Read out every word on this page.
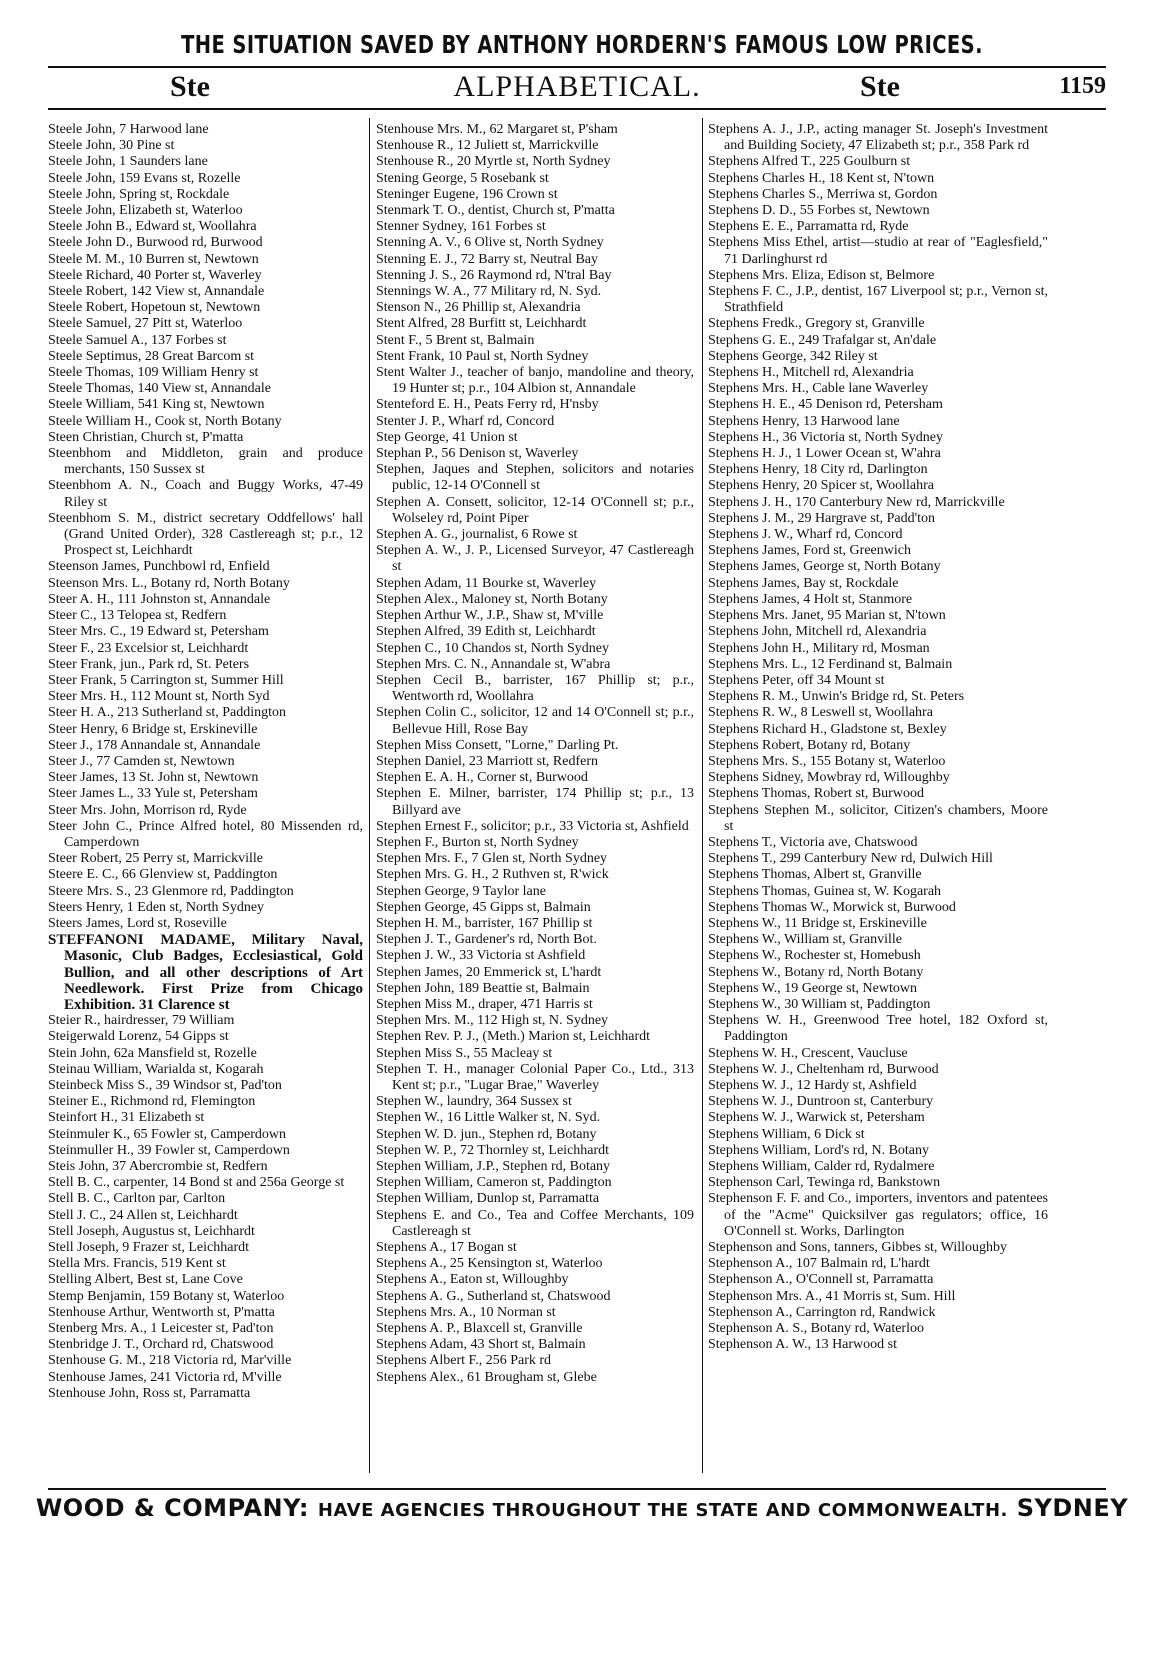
THE SITUATION SAVED BY ANTHONY HORDERN'S FAMOUS LOW PRICES.
Ste	ALPHABETICAL.	Ste	1159
Steele John, 7 Harwood lane
Steele John, 30 Pine st
Steele John, 1 Saunders lane
Steele John, 159 Evans st, Rozelle
Steele John, Spring st, Rockdale
Steele John, Elizabeth st, Waterloo
Steele John B., Edward st, Woollahra
Steele John D., Burwood rd, Burwood
Steele M. M., 10 Burren st, Newtown
Steele Richard, 40 Porter st, Waverley
Steele Robert, 142 View st, Annandale
Steele Robert, Hopetoun st, Newtown
Steele Samuel, 27 Pitt st, Waterloo
Steele Samuel A., 137 Forbes st
Steele Septimus, 28 Great Barcom st
Steele Thomas, 109 William Henry st
Steele Thomas, 140 View st, Annandale
Steele William, 541 King st, Newtown
Steele William H., Cook st, North Botany
Steen Christian, Church st, P'matta
Steenbhom and Middleton, grain and produce merchants, 150 Sussex st
Steenbhom A. N., Coach and Buggy Works, 47-49 Riley st
Steenbhom S. M., district secretary Oddfellows' hall (Grand United Order), 328 Castlereagh st; p.r., 12 Prospect st, Leichhardt
Steenson James, Punchbowl rd, Enfield
Steenson Mrs. L., Botany rd, North Botany
Steer A. H., 111 Johnston st, Annandale
Steer C., 13 Telopea st, Redfern
Steer Mrs. C., 19 Edward st, Petersham
Steer F., 23 Excelsior st, Leichhardt
Steer Frank, jun., Park rd, St. Peters
Steer Frank, 5 Carrington st, Summer Hill
Steer Mrs. H., 112 Mount st, North Syd
Steer H. A., 213 Sutherland st, Paddington
Steer Henry, 6 Bridge st, Erskineville
Steer J., 178 Annandale st, Annandale
Steer J., 77 Camden st, Newtown
Steer James, 13 St. John st, Newtown
Steer James L., 33 Yule st, Petersham
Steer Mrs. John, Morrison rd, Ryde
Steer John C., Prince Alfred hotel, 80 Missenden rd, Camperdown
Steer Robert, 25 Perry st, Marrickville
Steere E. C., 66 Glenview st, Paddington
Steere Mrs. S., 23 Glenmore rd, Paddington
Steers Henry, 1 Eden st, North Sydney
Steers James, Lord st, Roseville
STEFFANONI MADAME, Military Naval, Masonic, Club Badges, Ecclesiastical, Gold Bullion, and all other descriptions of Art Needlework. First Prize from Chicago Exhibition. 31 Clarence st
Steier R., hairdresser, 79 William
Steigerwald Lorenz, 54 Gipps st
Stein John, 62a Mansfield st, Rozelle
Steinau William, Warialda st, Kogarah
Steinbeck Miss S., 39 Windsor st, Pad'ton
Steiner E., Richmond rd, Flemington
Steinfort H., 31 Elizabeth st
Steinmuler K., 65 Fowler st, Camperdown
Steinmuller H., 39 Fowler st, Camperdown
Steis John, 37 Abercrombie st, Redfern
Stell B. C., carpenter, 14 Bond st and 256a George st
Stell B. C., Carlton par, Carlton
Stell J. C., 24 Allen st, Leichhardt
Stell Joseph, Augustus st, Leichhardt
Stell Joseph, 9 Frazer st, Leichhardt
Stella Mrs. Francis, 519 Kent st
Stelling Albert, Best st, Lane Cove
Stemp Benjamin, 159 Botany st, Waterloo
Stenhouse Arthur, Wentworth st, P'matta
Stenberg Mrs. A., 1 Leicester st, Pad'ton
Stenbridge J. T., Orchard rd, Chatswood
Stenhouse G. M., 218 Victoria rd, Mar'ville
Stenhouse James, 241 Victoria rd, M'ville
Stenhouse John, Ross st, Parramatta
Stenhouse Mrs. M., 62 Margaret st, P'sham
Stenhouse R., 12 Juliett st, Marrickville
Stenhouse R., 20 Myrtle st, North Sydney
Stening George, 5 Rosebank st
Steninger Eugene, 196 Crown st
Stenmark T. O., dentist, Church st, P'matta
Stenner Sydney, 161 Forbes st
Stenning A. V., 6 Olive st, North Sydney
Stenning E. J., 72 Barry st, Neutral Bay
Stenning J. S., 26 Raymond rd, N'tral Bay
Stennings W. A., 77 Military rd, N. Syd.
Stenson N., 26 Phillip st, Alexandria
Stent Alfred, 28 Burfitt st, Leichhardt
Stent F., 5 Brent st, Balmain
Stent Frank, 10 Paul st, North Sydney
Stent Walter J., teacher of banjo, mandoline and theory, 19 Hunter st; p.r., 104 Albion st, Annandale
Stenteford E. H., Peats Ferry rd, H'nsby
Stenter J. P., Wharf rd, Concord
Step George, 41 Union st
Stephan P., 56 Denison st, Waverley
Stephen, Jaques and Stephen, solicitors and notaries public, 12-14 O'Connell st
Stephen A. Consett, solicitor, 12-14 O'Connell st; p.r., Wolseley rd, Point Piper
Stephen A. G., journalist, 6 Rowe st
Stephen A. W., J. P., Licensed Surveyor, 47 Castlereagh st
Stephen Adam, 11 Bourke st, Waverley
Stephen Alex., Maloney st, North Botany
Stephen Arthur W., J.P., Shaw st, M'ville
Stephen Alfred, 39 Edith st, Leichhardt
Stephen C., 10 Chandos st, North Sydney
Stephen Mrs. C. N., Annandale st, W'abra
Stephen Cecil B., barrister, 167 Phillip st; p.r., Wentworth rd, Woollahra
Stephen Colin C., solicitor, 12 and 14 O'Connell st; p.r., Bellevue Hill, Rose Bay
Stephen Miss Consett, "Lorne," Darling Pt.
Stephen Daniel, 23 Marriott st, Redfern
Stephen E. A. H., Corner st, Burwood
Stephen E. Milner, barrister, 174 Phillip st; p.r., 13 Billyard ave
Stephen Ernest F., solicitor; p.r., 33 Victoria st, Ashfield
Stephen F., Burton st, North Sydney
Stephen Mrs. F., 7 Glen st, North Sydney
Stephen Mrs. G. H., 2 Ruthven st, R'wick
Stephen George, 9 Taylor lane
Stephen George, 45 Gipps st, Balmain
Stephen H. M., barrister, 167 Phillip st
Stephen J. T., Gardener's rd, North Bot.
Stephen J. W., 33 Victoria st Ashfield
Stephen James, 20 Emmerick st, L'hardt
Stephen John, 189 Beattie st, Balmain
Stephen Miss M., draper, 471 Harris st
Stephen Mrs. M., 112 High st, N. Sydney
Stephen Rev. P. J., (Meth.) Marion st, Leichhardt
Stephen Miss S., 55 Macleay st
Stephen T. H., manager Colonial Paper Co., Ltd., 313 Kent st; p.r., "Lugar Brae," Waverley
Stephen W., laundry, 364 Sussex st
Stephen W., 16 Little Walker st, N. Syd.
Stephen W. D. jun., Stephen rd, Botany
Stephen W. P., 72 Thornley st, Leichhardt
Stephen William, J.P., Stephen rd, Botany
Stephen William, Cameron st, Paddington
Stephen William, Dunlop st, Parramatta
Stephens E. and Co., Tea and Coffee Merchants, 109 Castlereagh st
Stephens A., 17 Bogan st
Stephens A., 25 Kensington st, Waterloo
Stephens A., Eaton st, Willoughby
Stephens A. G., Sutherland st, Chatswood
Stephens Mrs. A., 10 Norman st
Stephens A. P., Blaxcell st, Granville
Stephens Adam, 43 Short st, Balmain
Stephens Albert F., 256 Park rd
Stephens Alex., 61 Brougham st, Glebe
Stephens A. J., J.P., acting manager St. Joseph's Investment and Building Society, 47 Elizabeth st; p.r., 358 Park rd
Stephens Alfred T., 225 Goulburn st
Stephens Charles H., 18 Kent st, N'town
Stephens Charles S., Merriwa st, Gordon
Stephens D. D., 55 Forbes st, Newtown
Stephens E. E., Parramatta rd, Ryde
Stephens Miss Ethel, artist—studio at rear of "Eaglesfield," 71 Darlinghurst rd
Stephens Mrs. Eliza, Edison st, Belmore
Stephens F. C., J.P., dentist, 167 Liverpool st; p.r., Vernon st, Strathfield
Stephens Fredk., Gregory st, Granville
Stephens G. E., 249 Trafalgar st, An'dale
Stephens George, 342 Riley st
Stephens H., Mitchell rd, Alexandria
Stephens Mrs. H., Cable lane Waverley
Stephens H. E., 45 Denison rd, Petersham
Stephens Henry, 13 Harwood lane
Stephens H., 36 Victoria st, North Sydney
Stephens H. J., 1 Lower Ocean st, W'ahra
Stephens Henry, 18 City rd, Darlington
Stephens Henry, 20 Spicer st, Woollahra
Stephens J. H., 170 Canterbury New rd, Marrickville
Stephens J. M., 29 Hargrave st, Padd'ton
Stephens J. W., Wharf rd, Concord
Stephens James, Ford st, Greenwich
Stephens James, George st, North Botany
Stephens James, Bay st, Rockdale
Stephens James, 4 Holt st, Stanmore
Stephens Mrs. Janet, 95 Marian st, N'town
Stephens John, Mitchell rd, Alexandria
Stephens John H., Military rd, Mosman
Stephens Mrs. L., 12 Ferdinand st, Balmain
Stephens Peter, off 34 Mount st
Stephens R. M., Unwin's Bridge rd, St. Peters
Stephens R. W., 8 Leswell st, Woollahra
Stephens Richard H., Gladstone st, Bexley
Stephens Robert, Botany rd, Botany
Stephens Mrs. S., 155 Botany st, Waterloo
Stephens Sidney, Mowbray rd, Willoughby
Stephens Thomas, Robert st, Burwood
Stephens Stephen M., solicitor, Citizen's chambers, Moore st
Stephens T., Victoria ave, Chatswood
Stephens T., 299 Canterbury New rd, Dulwich Hill
Stephens Thomas, Albert st, Granville
Stephens Thomas, Guinea st, W. Kogarah
Stephens Thomas W., Morwick st, Burwood
Stephens W., 11 Bridge st, Erskineville
Stephens W., William st, Granville
Stephens W., Rochester st, Homebush
Stephens W., Botany rd, North Botany
Stephens W., 19 George st, Newtown
Stephens W., 30 William st, Paddington
Stephens W. H., Greenwood Tree hotel, 182 Oxford st, Paddington
Stephens W. H., Crescent, Vaucluse
Stephens W. J., Cheltenham rd, Burwood
Stephens W. J., 12 Hardy st, Ashfield
Stephens W. J., Duntroon st, Canterbury
Stephens W. J., Warwick st, Petersham
Stephens William, 6 Dick st
Stephens William, Lord's rd, N. Botany
Stephens William, Calder rd, Rydalmere
Stephenson Carl, Tewinga rd, Bankstown
Stephenson F. F. and Co., importers, inventors and patentees of the "Acme" Quicksilver gas regulators; office, 16 O'Connell st. Works, Darlington
Stephenson and Sons, tanners, Gibbes st, Willoughby
Stephenson A., 107 Balmain rd, L'hardt
Stephenson A., O'Connell st, Parramatta
Stephenson Mrs. A., 41 Morris st, Sum. Hill
Stephenson A., Carrington rd, Randwick
Stephenson A. S., Botany rd, Waterloo
Stephenson A. W., 13 Harwood st
WOOD & COMPANY: HAVE AGENCIES THROUGHOUT THE STATE AND COMMONWEALTH. SYDNEY
